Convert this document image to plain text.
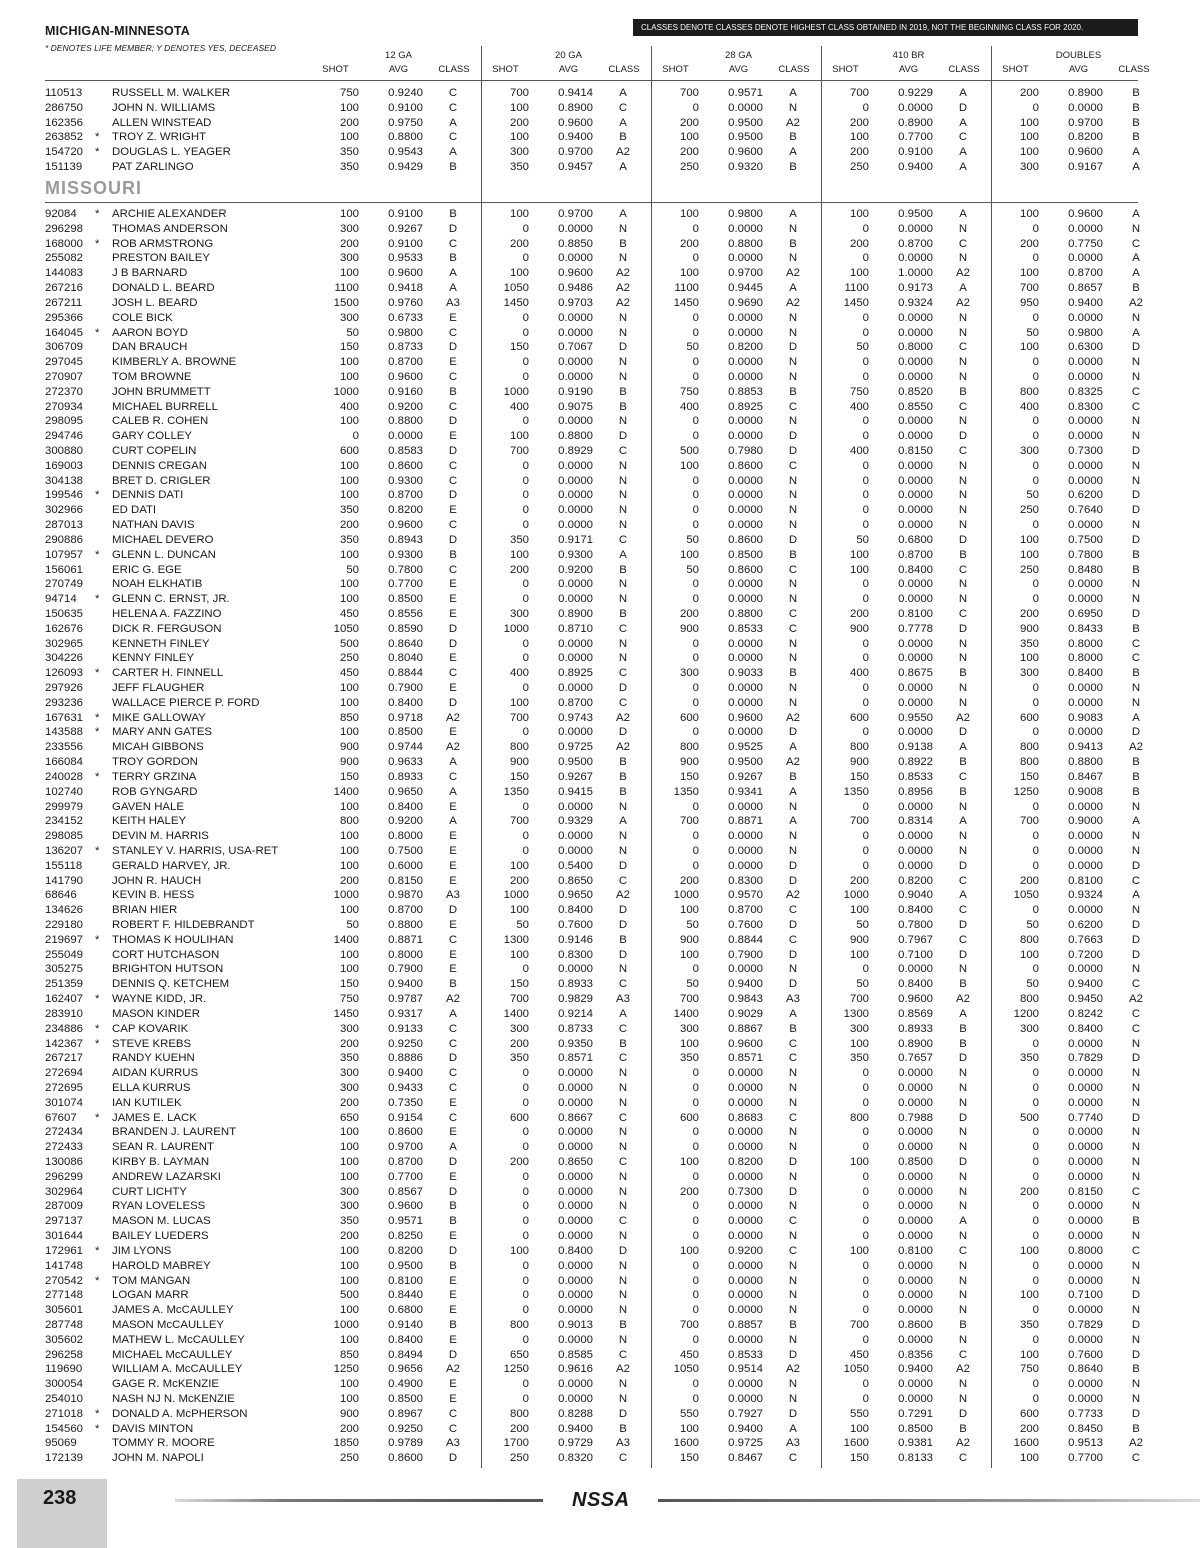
MICHIGAN-MINNESOTA
* DENOTES LIFE MEMBER; Y DENOTES YES, DECEASED
CLASSES DENOTE CLASSES DENOTE HIGHEST CLASS OBTAINED IN 2019, NOT THE BEGINNING CLASS FOR 2020.
12 GA
SHOT	AVG	CLASS
20 GA
SHOT	AVG	CLASS
28 GA
SHOT	AVG	CLASS
410 BR
SHOT	AVG	CLASS
DOUBLES
SHOT	AVG	CLASS
110513	RUSSELL M. WALKER	750	0.9240	C	700	0.9414	A	700	0.9571	A	700	0.9229	A	200	0.8900	B
286750	JOHN N. WILLIAMS	100	0.9100	C	100	0.8900	C	0	0.0000	N	0	0.0000	D	0	0.0000	B
162356	ALLEN WINSTEAD	200	0.9750	A	200	0.9600	A	200	0.9500	A2	200	0.8900	A	100	0.9700	B
263852	*	TROY Z. WRIGHT	100	0.8800	C	100	0.9400	B	100	0.9500	B	100	0.7700	C	100	0.8200	B
154720	*	DOUGLAS L. YEAGER	350	0.9543	A	300	0.9700	A2	200	0.9600	A	200	0.9100	A	100	0.9600	A
151139	PAT ZARLINGO	350	0.9429	B	350	0.9457	A	250	0.9320	B	250	0.9400	A	300	0.9167	A
MISSOURI
92084	*	ARCHIE ALEXANDER	100	0.9100	B	100	0.9700	A	100	0.9800	A	100	0.9500	A	100	0.9600	A
296298	THOMAS ANDERSON	300	0.9267	D	0	0.0000	N	0	0.0000	N	0	0.0000	N	0	0.0000	N
168000	*	ROB ARMSTRONG	200	0.9100	C	200	0.8850	B	200	0.8800	B	200	0.8700	C	200	0.7750	C
255082	PRESTON BAILEY	300	0.9533	B	0	0.0000	N	0	0.0000	N	0	0.0000	N	0	0.0000	A
144083	J B BARNARD	100	0.9600	A	100	0.9600	A2	100	0.9700	A2	100	1.0000	A2	100	0.8700	A
267216	DONALD L. BEARD	1100	0.9418	A	1050	0.9486	A2	1100	0.9445	A	1100	0.9173	A	700	0.8657	B
267211	JOSH L. BEARD	1500	0.9760	A3	1450	0.9703	A2	1450	0.9690	A2	1450	0.9324	A2	950	0.9400	A2
295366	COLE BICK	300	0.6733	E	0	0.0000	N	0	0.0000	N	0	0.0000	N	0	0.0000	N
164045	*	AARON BOYD	50	0.9800	C	0	0.0000	N	0	0.0000	N	0	0.0000	N	50	0.9800	A
306709	DAN BRAUCH	150	0.8733	D	150	0.7067	D	50	0.8200	D	50	0.8000	C	100	0.6300	D
297045	KIMBERLY A. BROWNE	100	0.8700	E	0	0.0000	N	0	0.0000	N	0	0.0000	N	0	0.0000	N
270907	TOM BROWNE	100	0.9600	C	0	0.0000	N	0	0.0000	N	0	0.0000	N	0	0.0000	N
272370	JOHN BRUMMETT	1000	0.9160	B	1000	0.9190	B	750	0.8853	B	750	0.8520	B	800	0.8325	C
270934	MICHAEL BURRELL	400	0.9200	C	400	0.9075	B	400	0.8925	C	400	0.8550	C	400	0.8300	C
298095	CALEB R. COHEN	100	0.8800	D	0	0.0000	N	0	0.0000	N	0	0.0000	N	0	0.0000	N
294746	GARY COLLEY	0	0.0000	E	100	0.8800	D	0	0.0000	D	0	0.0000	D	0	0.0000	N
300880	CURT COPELIN	600	0.8583	D	700	0.8929	C	500	0.7980	D	400	0.8150	C	300	0.7300	D
169003	DENNIS CREGAN	100	0.8600	C	0	0.0000	N	100	0.8600	C	0	0.0000	N	0	0.0000	N
304138	BRET D. CRIGLER	100	0.9300	C	0	0.0000	N	0	0.0000	N	0	0.0000	N	0	0.0000	N
199546	*	DENNIS DATI	100	0.8700	D	0	0.0000	N	0	0.0000	N	0	0.0000	N	50	0.6200	D
302966	ED DATI	350	0.8200	E	0	0.0000	N	0	0.0000	N	0	0.0000	N	250	0.7640	D
287013	NATHAN DAVIS	200	0.9600	C	0	0.0000	N	0	0.0000	N	0	0.0000	N	0	0.0000	N
290886	MICHAEL DEVERO	350	0.8943	D	350	0.9171	C	50	0.8600	D	50	0.6800	D	100	0.7500	D
107957	*	GLENN L. DUNCAN	100	0.9300	B	100	0.9300	A	100	0.8500	B	100	0.8700	B	100	0.7800	B
156061	ERIC G. EGE	50	0.7800	C	200	0.9200	B	50	0.8600	C	100	0.8400	C	250	0.8480	B
270749	NOAH ELKHATIB	100	0.7700	E	0	0.0000	N	0	0.0000	N	0	0.0000	N	0	0.0000	N
94714	*	GLENN C. ERNST, JR.	100	0.8500	E	0	0.0000	N	0	0.0000	N	0	0.0000	N	0	0.0000	N
150635	HELENA A. FAZZINO	450	0.8556	E	300	0.8900	B	200	0.8800	C	200	0.8100	C	200	0.6950	D
162676	DICK R. FERGUSON	1050	0.8590	D	1000	0.8710	C	900	0.8533	C	900	0.7778	D	900	0.8433	B
302965	KENNETH FINLEY	500	0.8640	D	0	0.0000	N	0	0.0000	N	0	0.0000	N	350	0.8000	C
304226	KENNY FINLEY	250	0.8040	E	0	0.0000	N	0	0.0000	N	0	0.0000	N	100	0.8000	C
126093	*	CARTER H. FINNELL	450	0.8844	C	400	0.8925	C	300	0.9033	B	400	0.8675	B	300	0.8400	B
297926	JEFF FLAUGHER	100	0.7900	E	0	0.0000	D	0	0.0000	N	0	0.0000	N	0	0.0000	N
293236	WALLACE PIERCE P. FORD	100	0.8400	D	100	0.8700	C	0	0.0000	N	0	0.0000	N	0	0.0000	N
167631	*	MIKE GALLOWAY	850	0.9718	A2	700	0.9743	A2	600	0.9600	A2	600	0.9550	A2	600	0.9083	A
143588	*	MARY ANN GATES	100	0.8500	E	0	0.0000	D	0	0.0000	D	0	0.0000	D	0	0.0000	D
233556	MICAH GIBBONS	900	0.9744	A2	800	0.9725	A2	800	0.9525	A	800	0.9138	A	800	0.9413	A2
166084	TROY GORDON	900	0.9633	A	900	0.9500	B	900	0.9500	A2	900	0.8922	B	800	0.8800	B
240028	*	TERRY GRZINA	150	0.8933	C	150	0.9267	B	150	0.9267	B	150	0.8533	C	150	0.8467	B
102740	ROB GYNGARD	1400	0.9650	A	1350	0.9415	B	1350	0.9341	A	1350	0.8956	B	1250	0.9008	B
299979	GAVEN HALE	100	0.8400	E	0	0.0000	N	0	0.0000	N	0	0.0000	N	0	0.0000	N
234152	KEITH HALEY	800	0.9200	A	700	0.9329	A	700	0.8871	A	700	0.8314	A	700	0.9000	A
298085	DEVIN M. HARRIS	100	0.8000	E	0	0.0000	N	0	0.0000	N	0	0.0000	N	0	0.0000	N
136207	*	STANLEY V. HARRIS, USA-RET	100	0.7500	E	0	0.0000	N	0	0.0000	N	0	0.0000	N	0	0.0000	N
155118	GERALD HARVEY, JR.	100	0.6000	E	100	0.5400	D	0	0.0000	D	0	0.0000	D	0	0.0000	D
141790	JOHN R. HAUCH	200	0.8150	E	200	0.8650	C	200	0.8300	D	200	0.8200	C	200	0.8100	C
68646	KEVIN B. HESS	1000	0.9870	A3	1000	0.9650	A2	1000	0.9570	A2	1000	0.9040	A	1050	0.9324	A
134626	BRIAN HIER	100	0.8700	D	100	0.8400	D	100	0.8700	C	100	0.8400	C	0	0.0000	N
229180	ROBERT F. HILDEBRANDT	50	0.8800	E	50	0.7600	D	50	0.7600	D	50	0.7800	D	50	0.6200	D
219697	*	THOMAS K HOULIHAN	1400	0.8871	C	1300	0.9146	B	900	0.8844	C	900	0.7967	C	800	0.7663	D
255049	CORT HUTCHASON	100	0.8000	E	100	0.8300	D	100	0.7900	D	100	0.7100	D	100	0.7200	D
305275	BRIGHTON HUTSON	100	0.7900	E	0	0.0000	N	0	0.0000	N	0	0.0000	N	0	0.0000	N
251359	DENNIS Q. KETCHEM	150	0.9400	B	150	0.8933	C	50	0.9400	D	50	0.8400	B	50	0.9400	C
162407	*	WAYNE KIDD, JR.	750	0.9787	A2	700	0.9829	A3	700	0.9843	A3	700	0.9600	A2	800	0.9450	A2
283910	MASON KINDER	1450	0.9317	A	1400	0.9214	A	1400	0.9029	A	1300	0.8569	A	1200	0.8242	C
234886	*	CAP KOVARIK	300	0.9133	C	300	0.8733	C	300	0.8867	B	300	0.8933	B	300	0.8400	C
142367	*	STEVE KREBS	200	0.9250	C	200	0.9350	B	100	0.9600	C	100	0.8900	B	0	0.0000	N
267217	RANDY KUEHN	350	0.8886	D	350	0.8571	C	350	0.8571	C	350	0.7657	D	350	0.7829	D
272694	AIDAN KURRUS	300	0.9400	C	0	0.0000	N	0	0.0000	N	0	0.0000	N	0	0.0000	N
272695	ELLA KURRUS	300	0.9433	C	0	0.0000	N	0	0.0000	N	0	0.0000	N	0	0.0000	N
301074	IAN KUTILEK	200	0.7350	E	0	0.0000	N	0	0.0000	N	0	0.0000	N	0	0.0000	N
67607	*	JAMES E. LACK	650	0.9154	C	600	0.8667	C	600	0.8683	C	800	0.7988	D	500	0.7740	D
272434	BRANDEN J. LAURENT	100	0.8600	E	0	0.0000	N	0	0.0000	N	0	0.0000	N	0	0.0000	N
272433	SEAN R. LAURENT	100	0.9700	A	0	0.0000	N	0	0.0000	N	0	0.0000	N	0	0.0000	N
130086	KIRBY B. LAYMAN	100	0.8700	D	200	0.8650	C	100	0.8200	D	100	0.8500	D	0	0.0000	N
296299	ANDREW LAZARSKI	100	0.7700	E	0	0.0000	N	0	0.0000	N	0	0.0000	N	0	0.0000	N
302964	CURT LICHTY	300	0.8567	D	0	0.0000	N	200	0.7300	D	0	0.0000	N	200	0.8150	C
287009	RYAN LOVELESS	300	0.9600	B	0	0.0000	N	0	0.0000	N	0	0.0000	N	0	0.0000	N
297137	MASON M. LUCAS	350	0.9571	B	0	0.0000	C	0	0.0000	C	0	0.0000	A	0	0.0000	B
301644	BAILEY LUEDERS	200	0.8250	E	0	0.0000	N	0	0.0000	N	0	0.0000	N	0	0.0000	N
172961	*	JIM LYONS	100	0.8200	D	100	0.8400	D	100	0.9200	C	100	0.8100	C	100	0.8000	C
141748	HAROLD MABREY	100	0.9500	B	0	0.0000	N	0	0.0000	N	0	0.0000	N	0	0.0000	N
270542	*	TOM MANGAN	100	0.8100	E	0	0.0000	N	0	0.0000	N	0	0.0000	N	0	0.0000	N
277148	LOGAN MARR	500	0.8440	E	0	0.0000	N	0	0.0000	N	0	0.0000	N	100	0.7100	D
305601	JAMES A. McCAULLEY	100	0.6800	E	0	0.0000	N	0	0.0000	N	0	0.0000	N	0	0.0000	N
287748	MASON McCAULLEY	1000	0.9140	B	800	0.9013	B	700	0.8857	B	700	0.8600	B	350	0.7829	D
305602	MATHEW L. McCAULLEY	100	0.8400	E	0	0.0000	N	0	0.0000	N	0	0.0000	N	0	0.0000	N
296258	MICHAEL McCAULLEY	850	0.8494	D	650	0.8585	C	450	0.8533	D	450	0.8356	C	100	0.7600	D
119690	WILLIAM A. McCAULLEY	1250	0.9656	A2	1250	0.9616	A2	1050	0.9514	A2	1050	0.9400	A2	750	0.8640	B
300054	GAGE R. McKENZIE	100	0.4900	E	0	0.0000	N	0	0.0000	N	0	0.0000	N	0	0.0000	N
254010	NASH NJ N. McKENZIE	100	0.8500	E	0	0.0000	N	0	0.0000	N	0	0.0000	N	0	0.0000	N
271018	*	DONALD A. McPHERSON	900	0.8967	C	800	0.8288	D	550	0.7927	D	550	0.7291	D	600	0.7733	D
154560	*	DAVIS MINTON	200	0.9250	C	200	0.9400	B	100	0.9400	A	100	0.8500	B	200	0.8450	B
95069	TOMMY R. MOORE	1850	0.9789	A3	1700	0.9729	A3	1600	0.9725	A3	1600	0.9381	A2	1600	0.9513	A2
172139	JOHN M. NAPOLI	250	0.8600	D	250	0.8320	C	150	0.8467	C	150	0.8133	C	100	0.7700	C
238	NSSA
